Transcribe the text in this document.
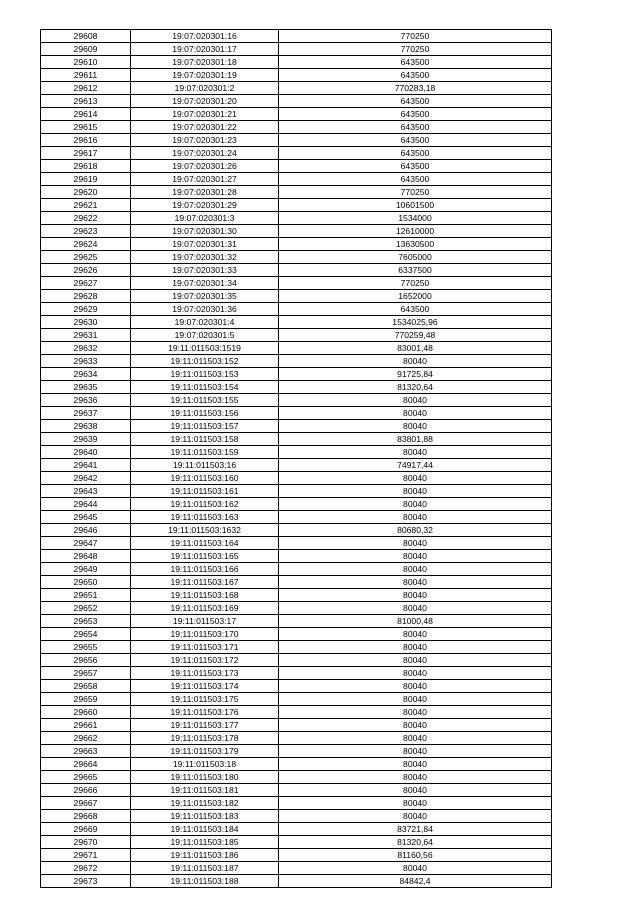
29608	19:07:020301:16	770250
29609	19:07:020301:17	770250
29610	19:07:020301:18	643500
29611	19:07:020301:19	643500
29612	19:07:020301:2	770283,18
29613	19:07:020301:20	643500
29614	19:07:020301:21	643500
29615	19:07:020301:22	643500
29616	19:07:020301:23	643500
29617	19:07:020301:24	643500
29618	19:07:020301:26	643500
29619	19:07:020301:27	643500
29620	19:07:020301:28	770250
29621	19:07:020301:29	10601500
29622	19:07:020301:3	1534000
29623	19:07:020301:30	12610000
29624	19:07:020301:31	13630500
29625	19:07:020301:32	7605000
29626	19:07:020301:33	6337500
29627	19:07:020301:34	770250
29628	19:07:020301:35	1652000
29629	19:07:020301:36	643500
29630	19:07:020301:4	1534025,96
29631	19:07:020301:5	770259,48
29632	19:11:011503:1519	83001,48
29633	19:11:011503:152	80040
29634	19:11:011503:153	91725,84
29635	19:11:011503:154	81320,64
29636	19:11:011503:155	80040
29637	19:11:011503:156	80040
29638	19:11:011503:157	80040
29639	19:11:011503:158	83801,88
29640	19:11:011503:159	80040
29641	19:11:011503:16	74917,44
29642	19:11:011503:160	80040
29643	19:11:011503:161	80040
29644	19:11:011503:162	80040
29645	19:11:011503:163	80040
29646	19:11:011503:1632	80680,32
29647	19:11:011503:164	80040
29648	19:11:011503:165	80040
29649	19:11:011503:166	80040
29650	19:11:011503:167	80040
29651	19:11:011503:168	80040
29652	19:11:011503:169	80040
29653	19:11:011503:17	81000,48
29654	19:11:011503:170	80040
29655	19:11:011503:171	80040
29656	19:11:011503:172	80040
29657	19:11:011503:173	80040
29658	19:11:011503:174	80040
29659	19:11:011503:175	80040
29660	19:11:011503:176	80040
29661	19:11:011503:177	80040
29662	19:11:011503:178	80040
29663	19:11:011503:179	80040
29664	19:11:011503:18	80040
29665	19:11:011503:180	80040
29666	19:11:011503:181	80040
29667	19:11:011503:182	80040
29668	19:11:011503:183	80040
29669	19:11:011503:184	83721,84
29670	19:11:011503:185	81320,64
29671	19:11:011503:186	81160,56
29672	19:11:011503:187	80040
29673	19:11:011503:188	84842,4
